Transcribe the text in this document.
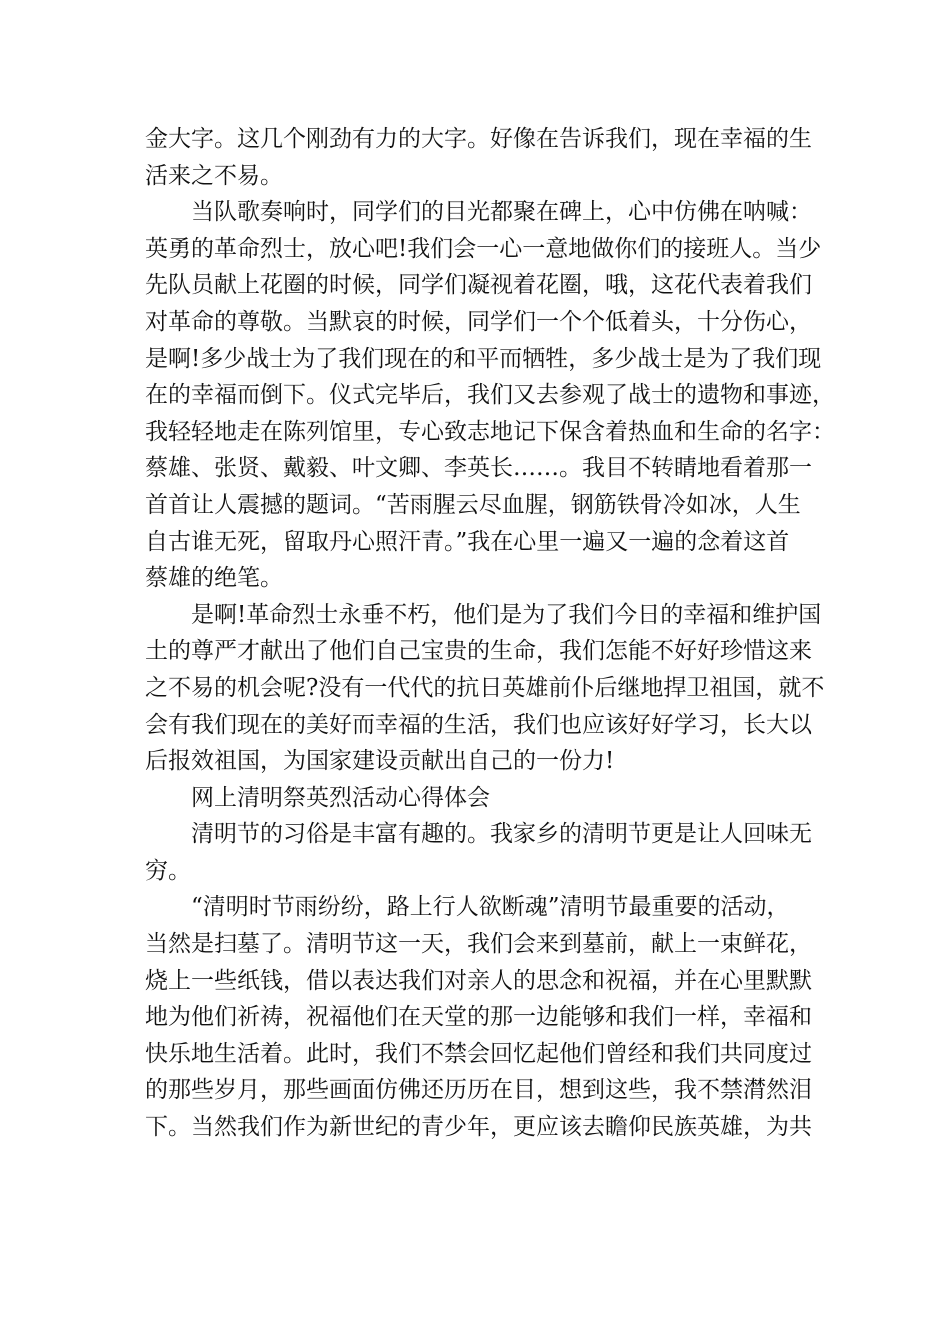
金大字。这几个刚劲有力的大字。好像在告诉我们，现在幸福的生
活来之不易。
当队歌奏响时，同学们的目光都聚在碑上，心中仿佛在呐喊：
英勇的革命烈士，放心吧!我们会一心一意地做你们的接班人。当少
先队员献上花圈的时候，同学们凝视着花圈，哦，这花代表着我们
对革命的尊敬。当默哀的时候，同学们一个个低着头，十分伤心，
是啊!多少战士为了我们现在的和平而牺牲，多少战士是为了我们现
在的幸福而倒下。仪式完毕后，我们又去参观了战士的遗物和事迹，
我轻轻地走在陈列馆里，专心致志地记下保含着热血和生命的名字：
蔡雄、张贤、戴毅、叶文卿、李英长……。我目不转睛地看着那一
首首让人震撼的题词。“苦雨腥云尽血腥，钢筋铁骨冷如冰，人生
自古谁无死，留取丹心照汗青。”我在心里一遍又一遍的念着这首
蔡雄的绝笔。
是啊!革命烈士永垂不朽，他们是为了我们今日的幸福和维护国
土的尊严才献出了他们自己宝贵的生命，我们怎能不好好珍惜这来
之不易的机会呢?没有一代代的抗日英雄前仆后继地捍卫祖国，就不
会有我们现在的美好而幸福的生活，我们也应该好好学习，长大以
后报效祖国，为国家建设贡献出自己的一份力!
网上清明祭英烈活动心得体会
清明节的习俗是丰富有趣的。我家乡的清明节更是让人回味无
穷。
“清明时节雨纷纷，路上行人欲断魂”清明节最重要的活动，
当然是扫墓了。清明节这一天，我们会来到墓前，献上一束鲜花，
烧上一些纸钱，借以表达我们对亲人的思念和祝福，并在心里默默
地为他们祈祷，祝福他们在天堂的那一边能够和我们一样，幸福和
快乐地生活着。此时，我们不禁会回忆起他们曾经和我们共同度过
的那些岁月，那些画面仿佛还历历在目，想到这些，我不禁潸然泪
下。当然我们作为新世纪的青少年，更应该去瞻仰民族英雄，为共
